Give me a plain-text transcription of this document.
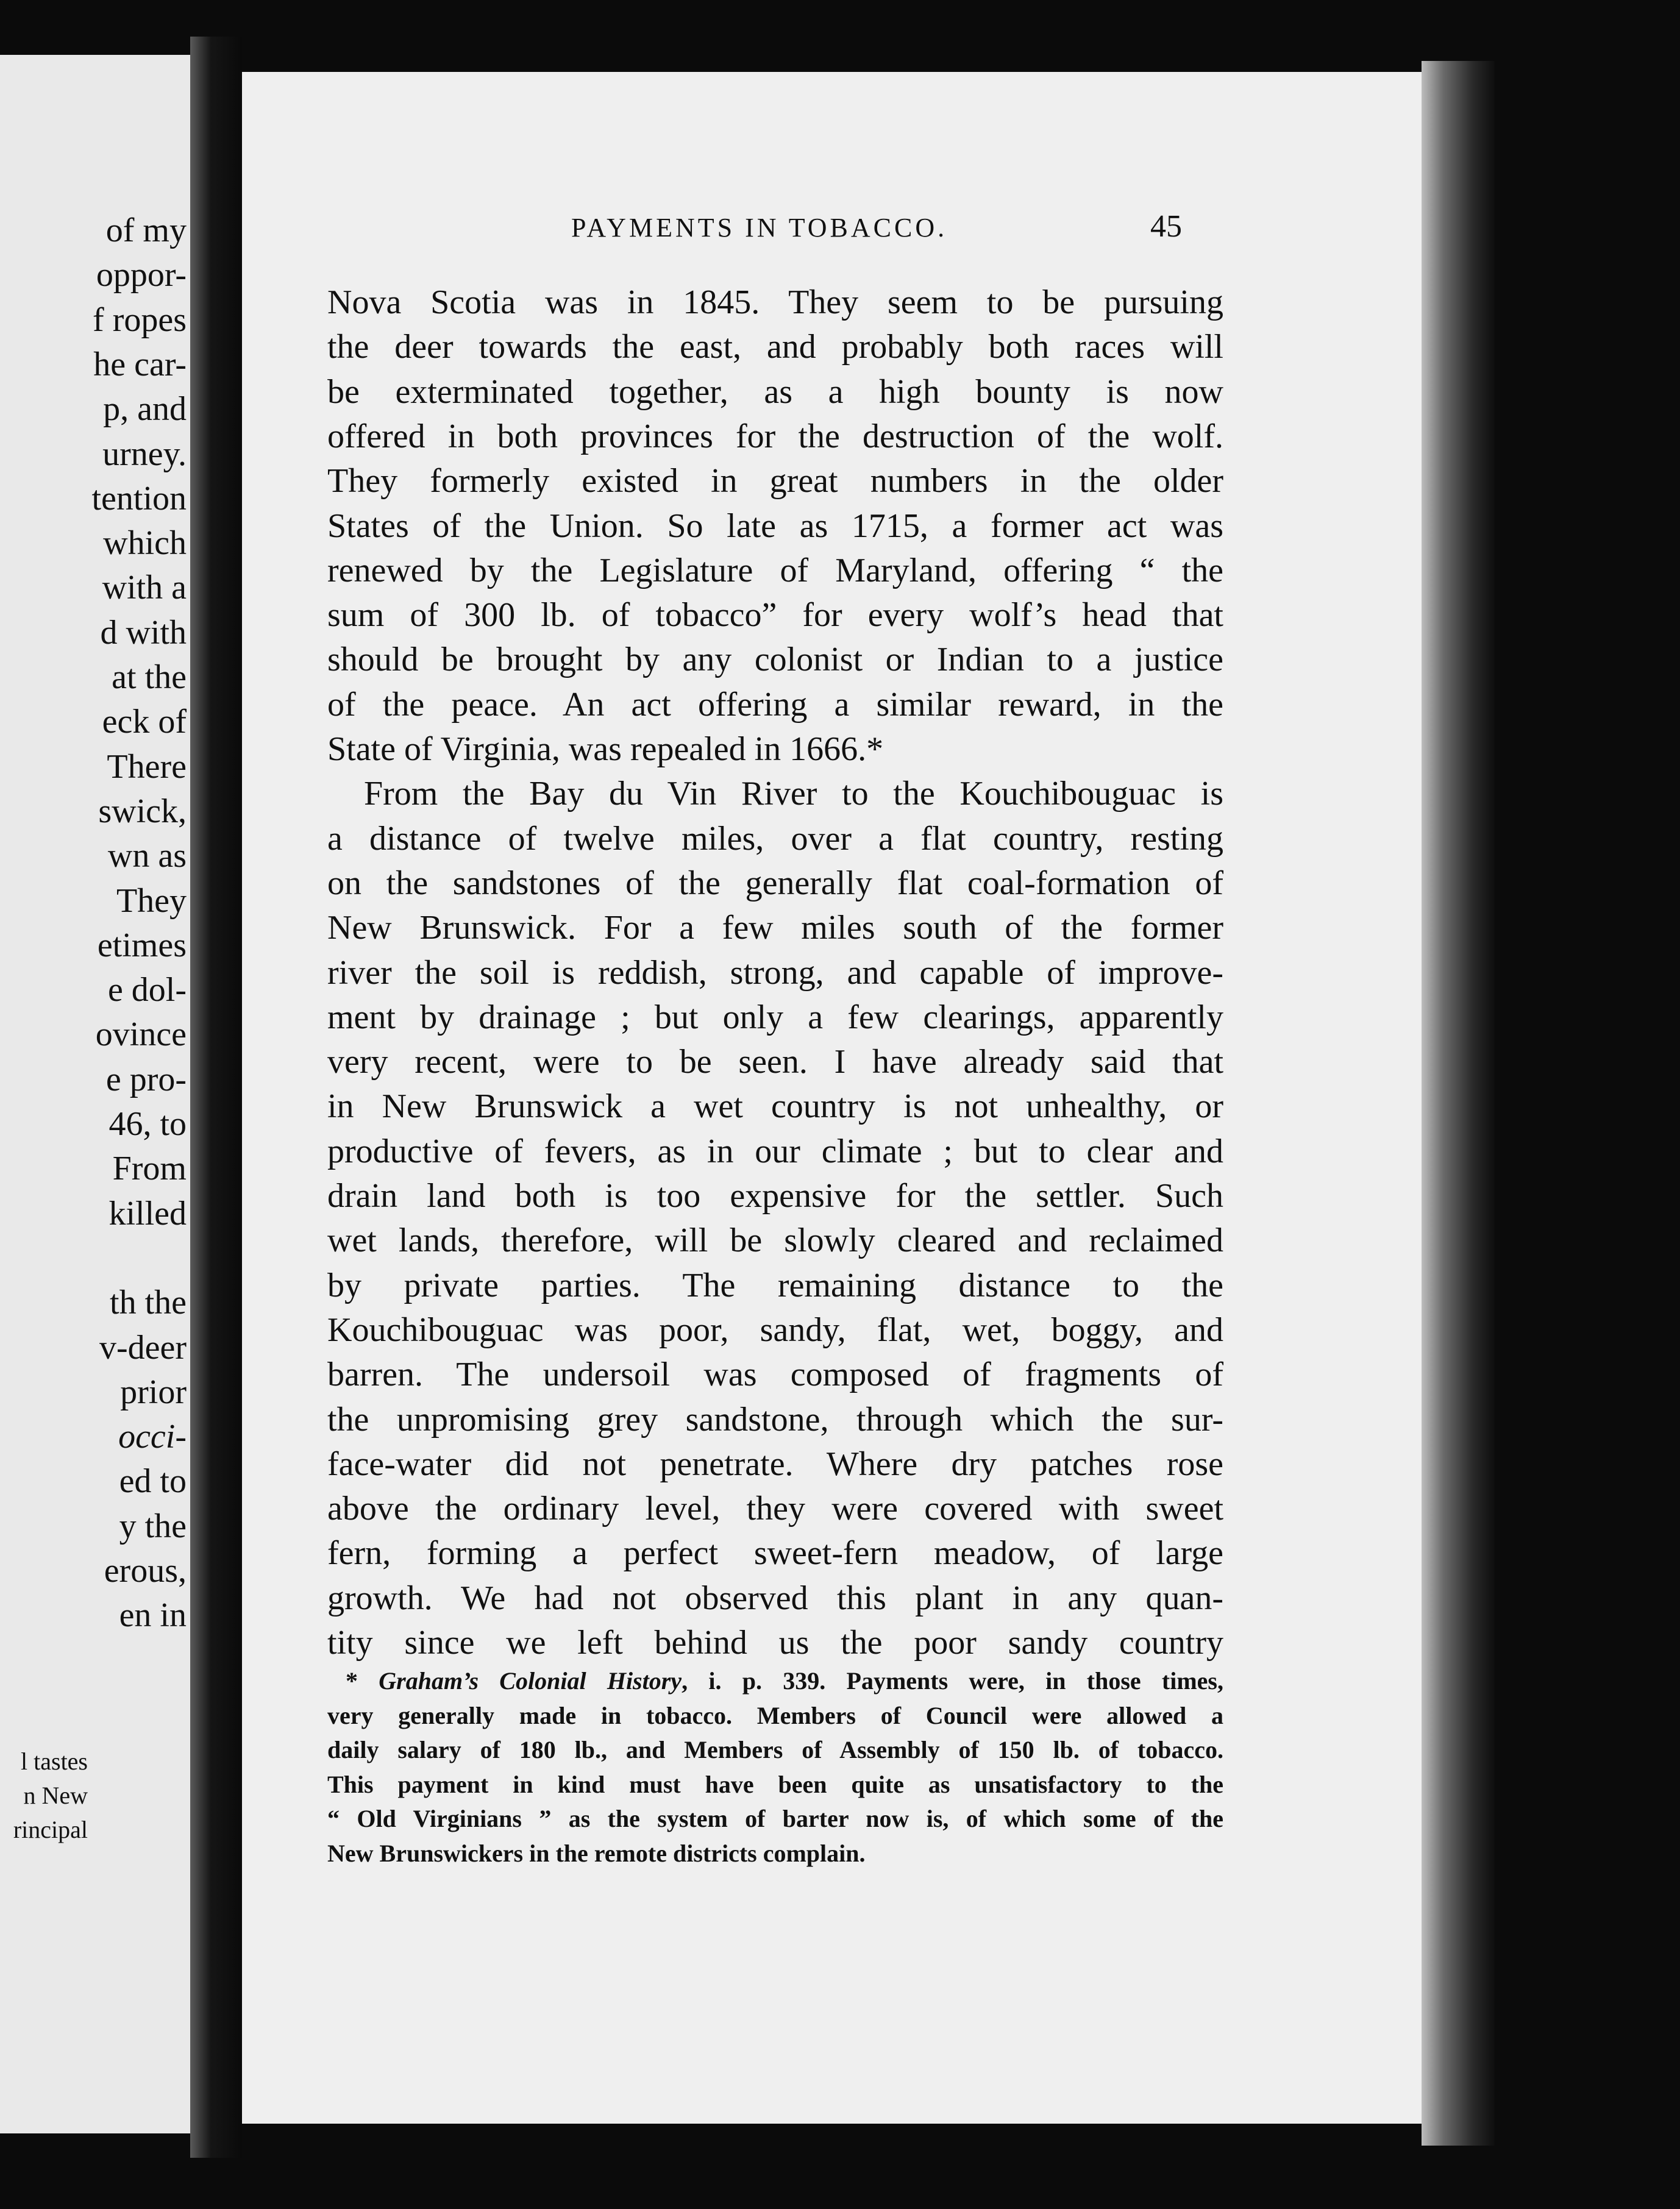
of my
oppor-
f ropes
he car-
p, and
urney.
tention
which
with a
d with
at the
eck of
There
swick,
wn as
They
etimes
e dol-
ovince
e pro-
46, to
From
killed
th the
v-deer
prior
occi-
ed to
y the
erous,
en in
l tastes
n New
rincipal
PAYMENTS IN TOBACCO.	45
Nova Scotia was in 1845. They seem to be pursuing
the deer towards the east, and probably both races will
be exterminated together, as a high bounty is now
offered in both provinces for the destruction of the wolf.
They formerly existed in great numbers in the older
States of the Union. So late as 1715, a former act was
renewed by the Legislature of Maryland, offering “ the
sum of 300 lb. of tobacco” for every wolf’s head that
should be brought by any colonist or Indian to a justice
of the peace. An act offering a similar reward, in the
State of Virginia, was repealed in 1666.*
From the Bay du Vin River to the Kouchibouguac is
a distance of twelve miles, over a flat country, resting
on the sandstones of the generally flat coal-formation of
New Brunswick. For a few miles south of the former
river the soil is reddish, strong, and capable of improve-
ment by drainage ; but only a few clearings, apparently
very recent, were to be seen. I have already said that
in New Brunswick a wet country is not unhealthy, or
productive of fevers, as in our climate ; but to clear and
drain land both is too expensive for the settler. Such
wet lands, therefore, will be slowly cleared and reclaimed
by private parties. The remaining distance to the
Kouchibouguac was poor, sandy, flat, wet, boggy, and
barren. The undersoil was composed of fragments of
the unpromising grey sandstone, through which the sur-
face-water did not penetrate. Where dry patches rose
above the ordinary level, they were covered with sweet
fern, forming a perfect sweet-fern meadow, of large
growth. We had not observed this plant in any quan-
tity since we left behind us the poor sandy country
* Graham’s Colonial History, i. p. 339. Payments were, in those times,
very generally made in tobacco. Members of Council were allowed a
daily salary of 180 lb., and Members of Assembly of 150 lb. of tobacco.
This payment in kind must have been quite as unsatisfactory to the
“ Old Virginians ” as the system of barter now is, of which some of the
New Brunswickers in the remote districts complain.
